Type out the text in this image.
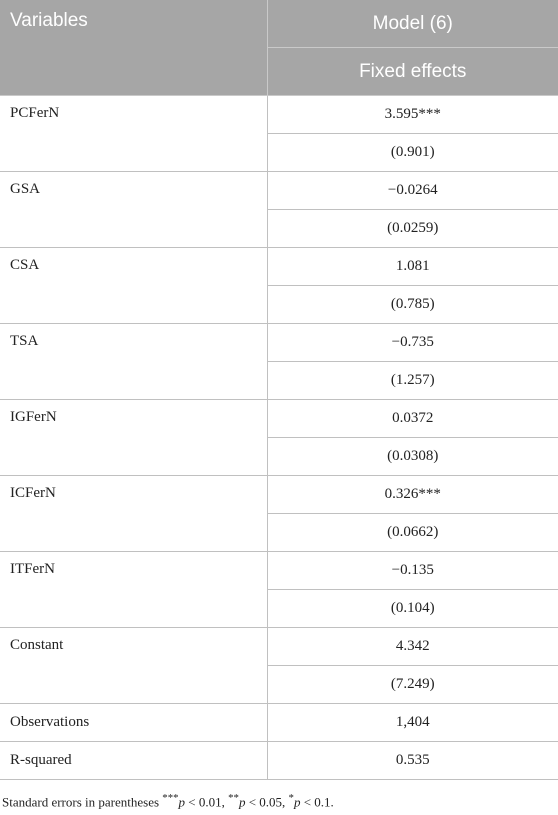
Variables	Model (6)
	Fixed effects
PCFerN	3.595***
	(0.901)
GSA	−0.0264
	(0.0259)
CSA	1.081
	(0.785)
TSA	−0.735
	(1.257)
IGFerN	0.0372
	(0.0308)
ICFerN	0.326***
	(0.0662)
ITFerN	−0.135
	(0.104)
Constant	4.342
	(7.249)
Observations	1,404
R-squared	0.535
Standard errors in parentheses ***p < 0.01, **p < 0.05, *p < 0.1.
